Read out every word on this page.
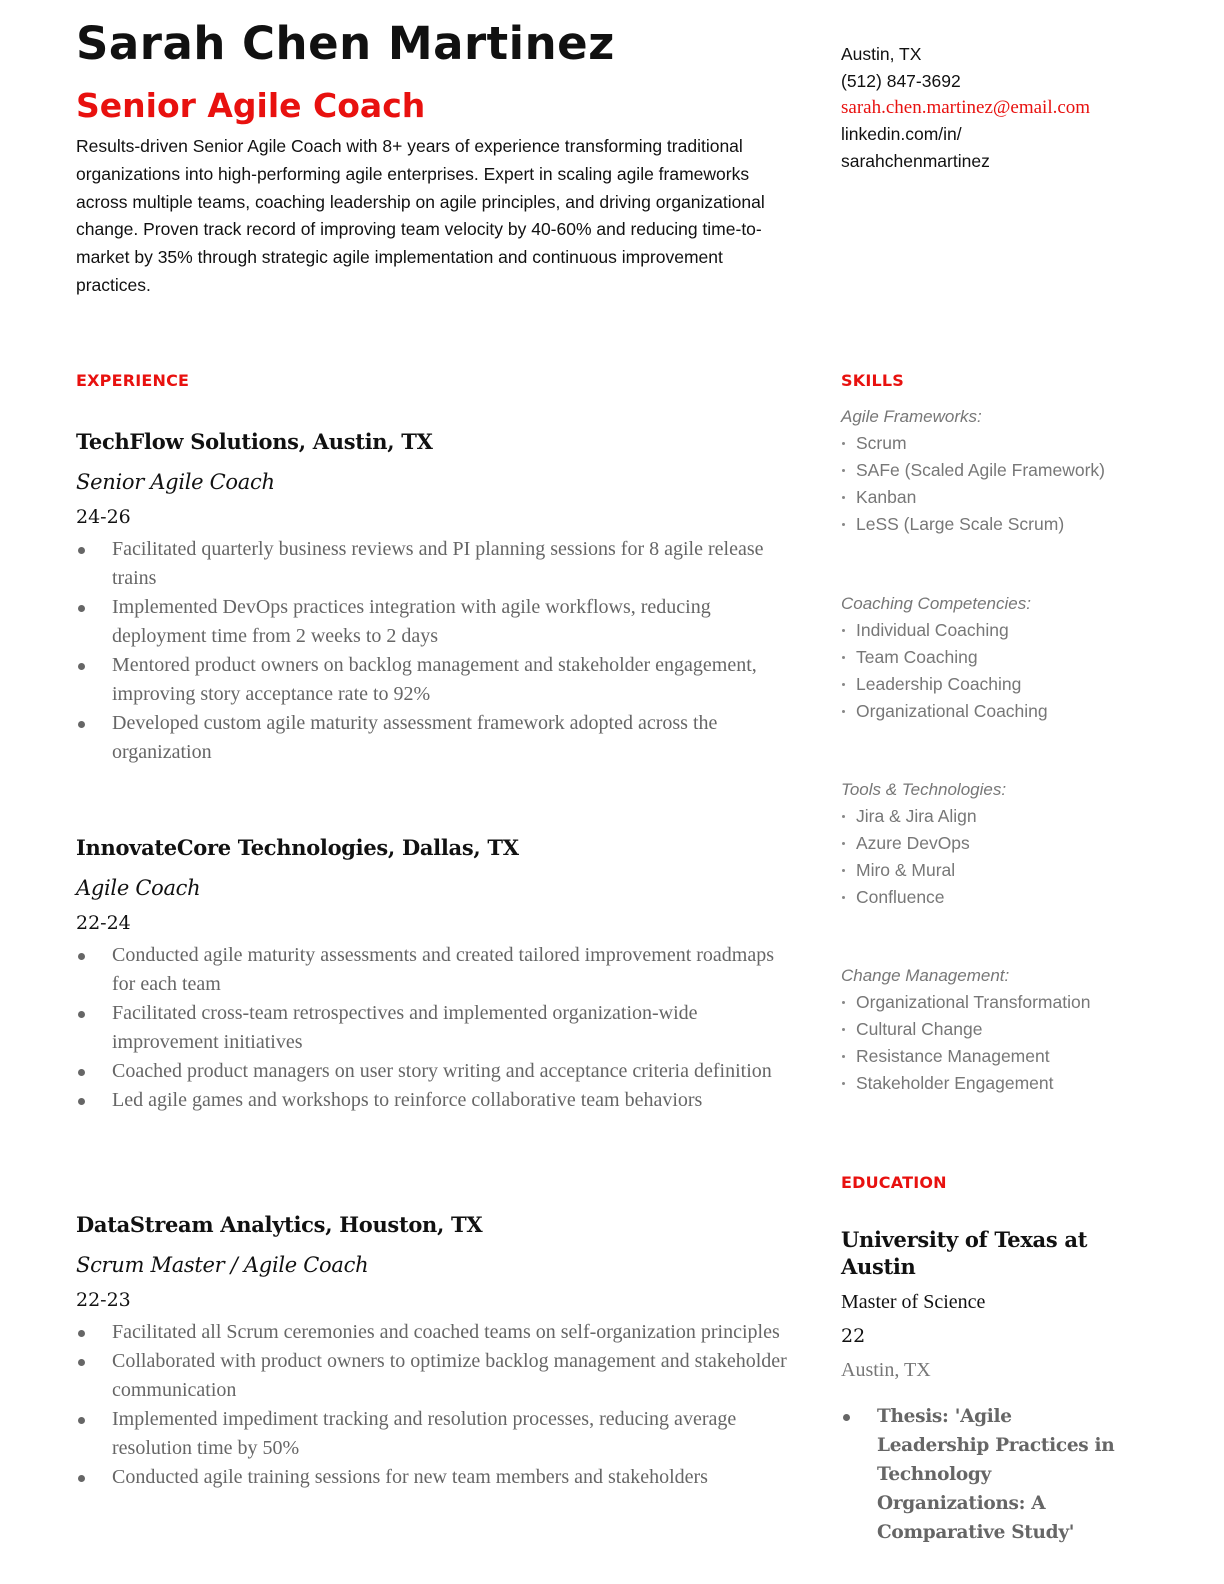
Sarah Chen Martinez
Senior Agile Coach

Results-driven Senior Agile Coach with 8+ years of experience transforming traditional organizations into high-performing agile enterprises. Expert in scaling agile frameworks across multiple teams, coaching leadership on agile principles, and driving organizational change. Proven track record of improving team velocity by 40-60% and reducing time-to-market by 35% through strategic agile implementation and continuous improvement practices.

Austin, TX
(512) 847-3692
sarah.chen.martinez@email.com
linkedin.com/in/ sarahchenmartinez
EXPERIENCE
TechFlow Solutions, Austin, TX
Senior Agile Coach
24-26
Facilitated quarterly business reviews and PI planning sessions for 8 agile release trains
Implemented DevOps practices integration with agile workflows, reducing deployment time from 2 weeks to 2 days
Mentored product owners on backlog management and stakeholder engagement, improving story acceptance rate to 92%
Developed custom agile maturity assessment framework adopted across the organization
InnovateCore Technologies, Dallas, TX
Agile Coach
22-24
Conducted agile maturity assessments and created tailored improvement roadmaps for each team
Facilitated cross-team retrospectives and implemented organization-wide improvement initiatives
Coached product managers on user story writing and acceptance criteria definition
Led agile games and workshops to reinforce collaborative team behaviors
DataStream Analytics, Houston, TX
Scrum Master / Agile Coach
22-23
Facilitated all Scrum ceremonies and coached teams on self-organization principles
Collaborated with product owners to optimize backlog management and stakeholder communication
Implemented impediment tracking and resolution processes, reducing average resolution time by 50%
Conducted agile training sessions for new team members and stakeholders
SKILLS
Agile Frameworks:
Scrum
SAFe (Scaled Agile Framework)
Kanban
LeSS (Large Scale Scrum)
Coaching Competencies:
Individual Coaching
Team Coaching
Leadership Coaching
Organizational Coaching
Tools & Technologies:
Jira & Jira Align
Azure DevOps
Miro & Mural
Confluence
Change Management:
Organizational Transformation
Cultural Change
Resistance Management
Stakeholder Engagement
EDUCATION
University of Texas at Austin
Master of Science
22
Austin, TX
Thesis: 'Agile Leadership Practices in Technology Organizations: A Comparative Study'
